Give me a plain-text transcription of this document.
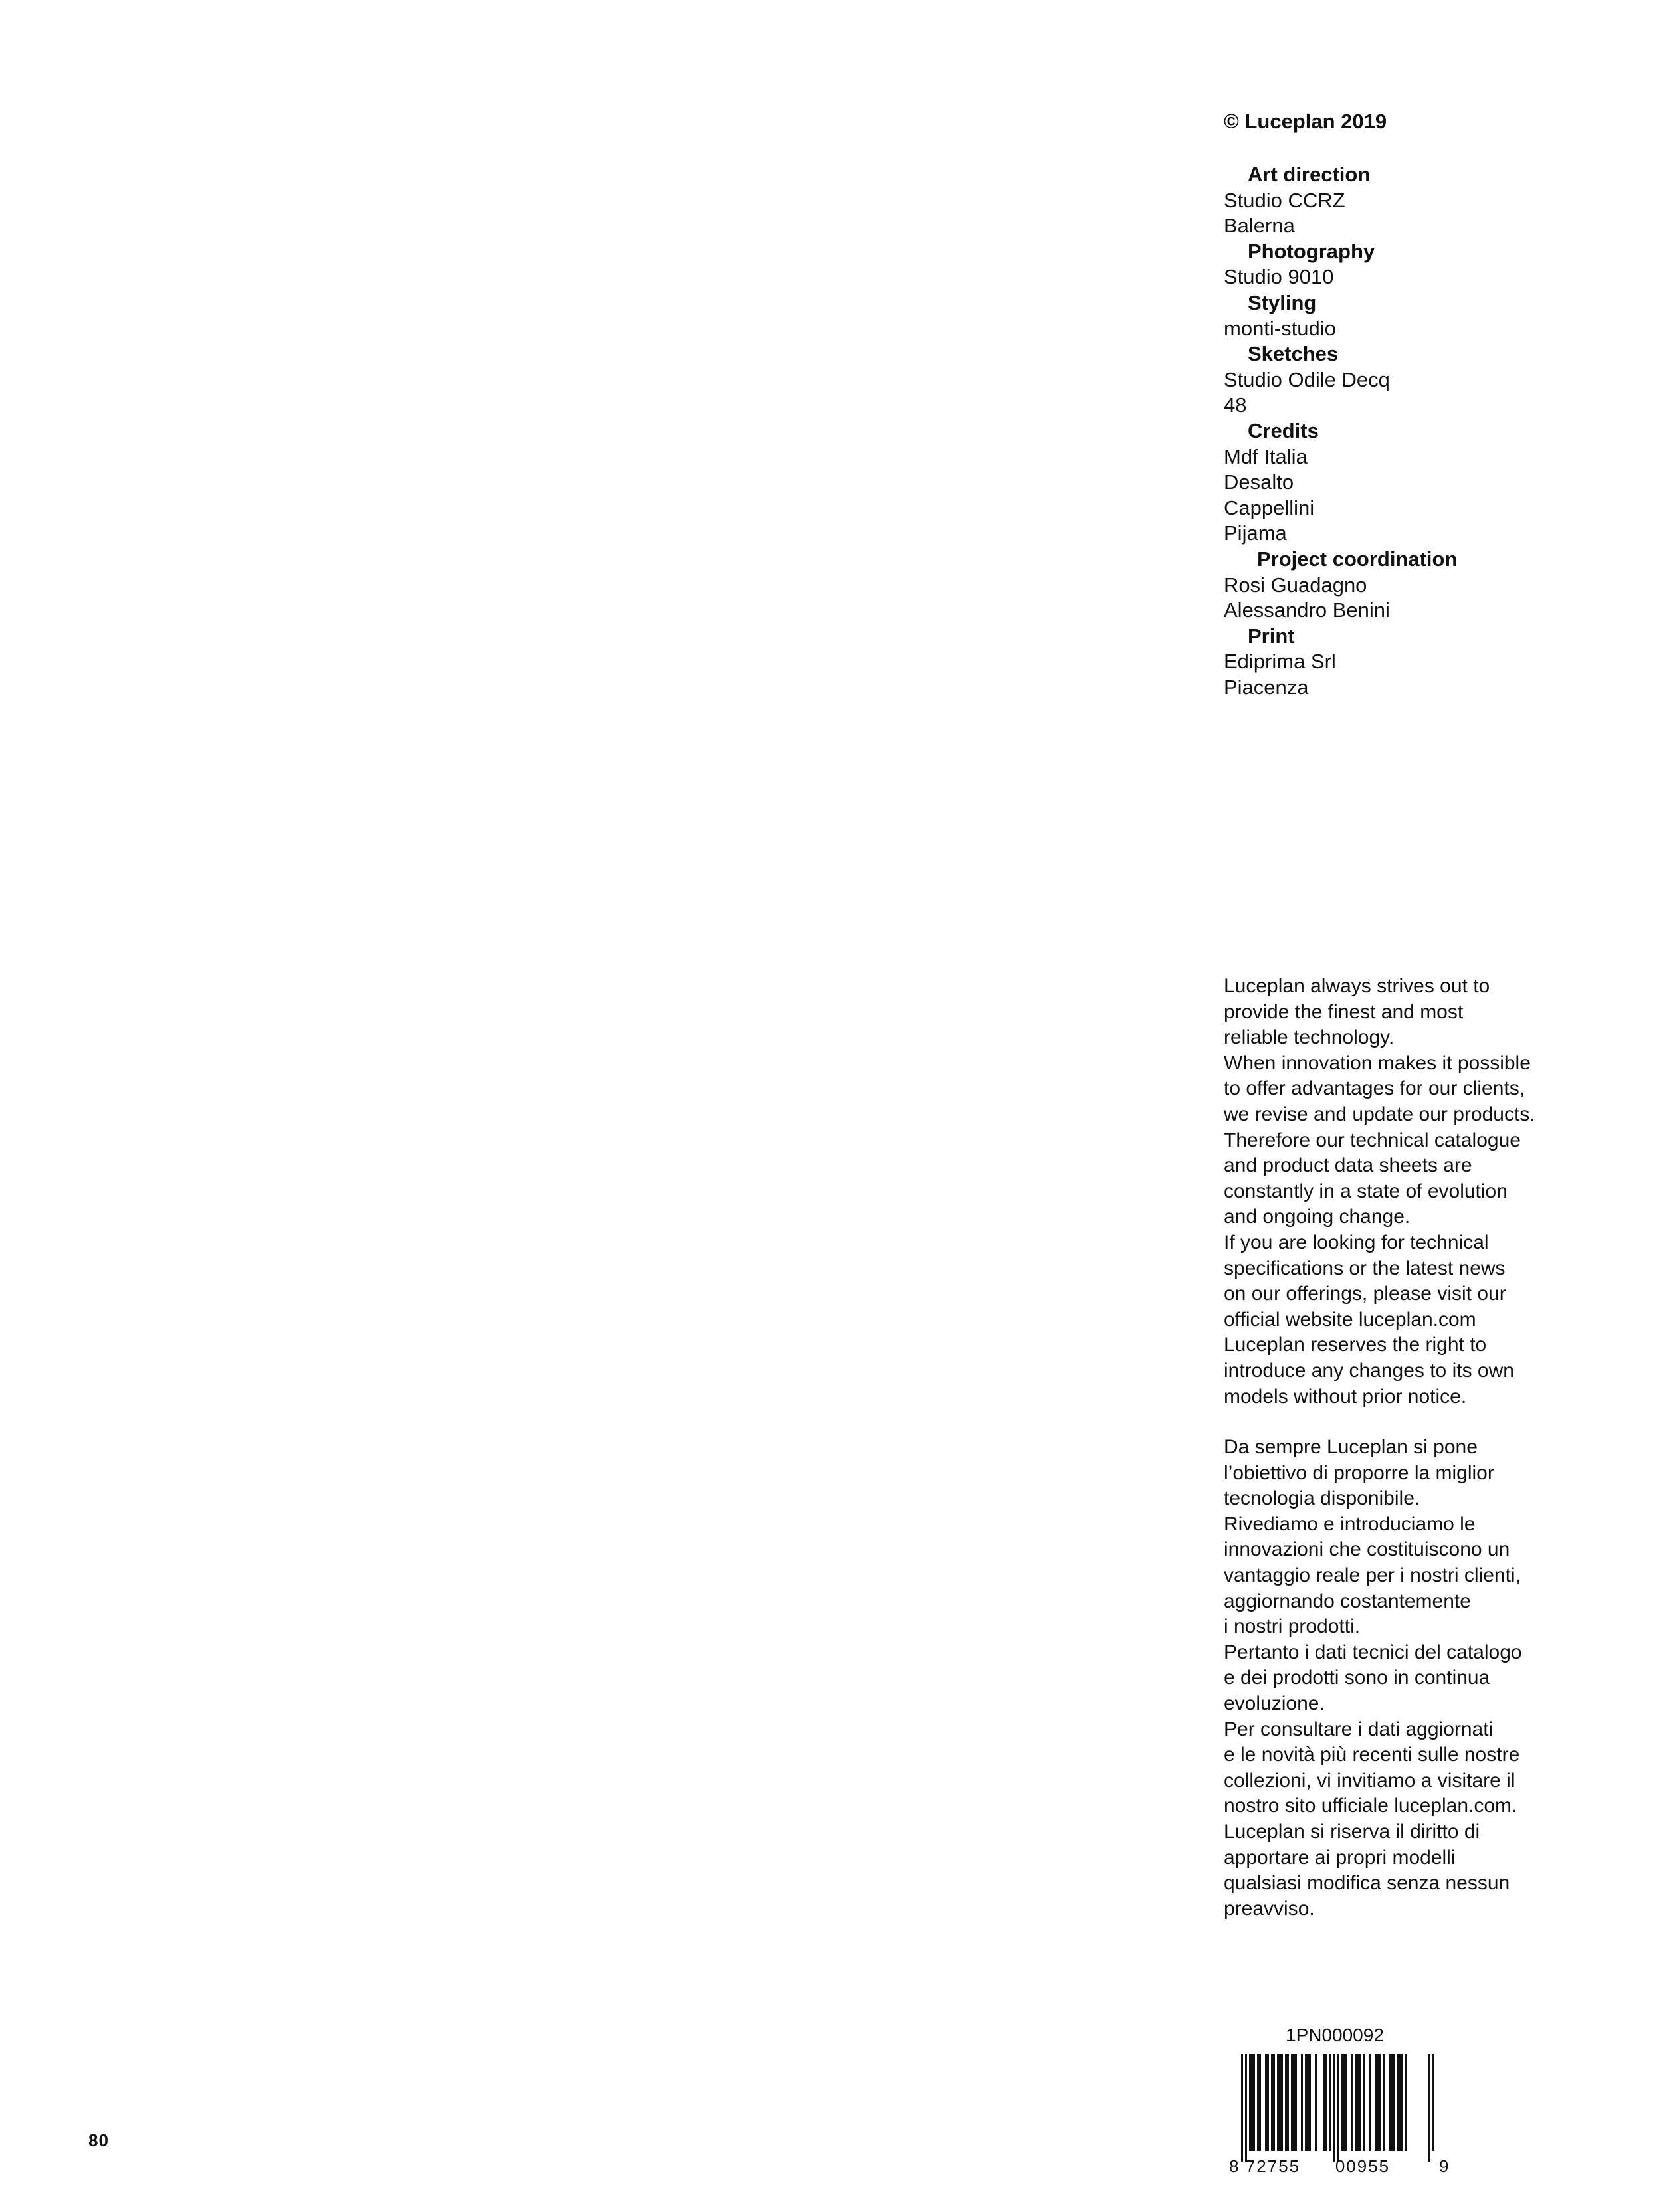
© Luceplan 2019
Art direction
Studio CCRZ
Balerna
Photography
Studio 9010
Styling
monti-studio
Sketches
Studio Odile Decq
48
Credits
Mdf Italia
Desalto
Cappellini
Pijama
Project coordination
Rosi Guadagno
Alessandro Benini
Print
Ediprima Srl
Piacenza
Luceplan always strives out to
provide the finest and most
reliable technology.
When innovation makes it possible
to offer advantages for our clients,
we revise and update our products.
Therefore our technical catalogue
and product data sheets are
constantly in a state of evolution
and ongoing change.
If you are looking for technical
specifications or the latest news
on our offerings, please visit our
official website luceplan.com
Luceplan reserves the right to
introduce any changes to its own
models without prior notice.
Da sempre Luceplan si pone
l’obiettivo di proporre la miglior
tecnologia disponibile.
Rivediamo e introduciamo le
innovazioni che costituiscono un
vantaggio reale per i nostri clienti,
aggiornando costantemente
i nostri prodotti.
Pertanto i dati tecnici del catalogo
e dei prodotti sono in continua
evoluzione.
Per consultare i dati aggiornati
e le novità più recenti sulle nostre
collezioni, vi invitiamo a visitare il
nostro sito ufficiale luceplan.com.
Luceplan si riserva il diritto di
apportare ai propri modelli
qualsiasi modifica senza nessun
preavviso.
80
1PN000092
8 72755 00955	9
